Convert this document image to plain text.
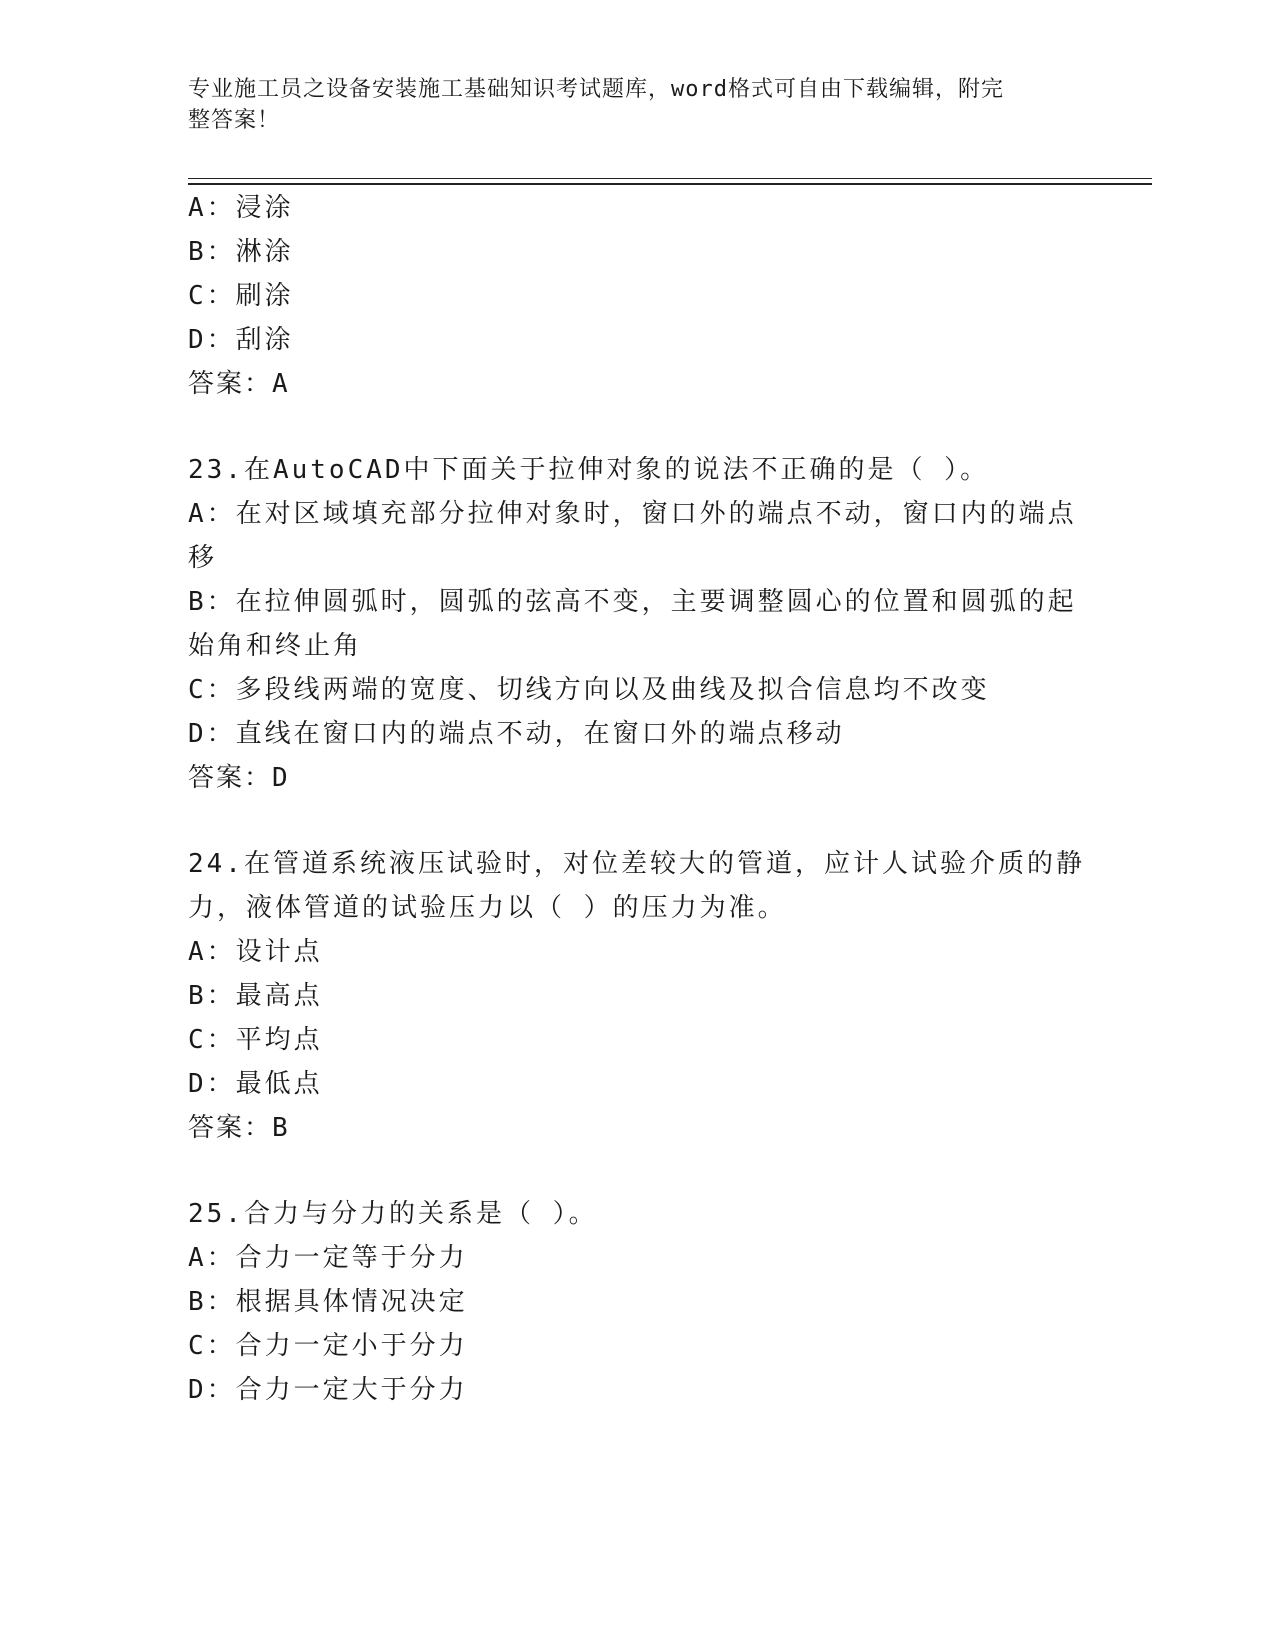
专业施工员之设备安装施工基础知识考试题库，word格式可自由下载编辑，附完
整答案！
A：浸涂
B：淋涂
C：刷涂
D：刮涂
答案：A
23.在AutoCAD中下面关于拉伸对象的说法不正确的是（ ）。
A：在对区域填充部分拉伸对象时，窗口外的端点不动，窗口内的端点
移
B：在拉伸圆弧时，圆弧的弦高不变，主要调整圆心的位置和圆弧的起
始角和终止角
C：多段线两端的宽度、切线方向以及曲线及拟合信息均不改变
D：直线在窗口内的端点不动，在窗口外的端点移动
答案：D
24.在管道系统液压试验时，对位差较大的管道，应计人试验介质的静
力，液体管道的试验压力以（ ）的压力为准。
A：设计点
B：最高点
C：平均点
D：最低点
答案：B
25.合力与分力的关系是（ ）。
A：合力一定等于分力
B：根据具体情况决定
C：合力一定小于分力
D：合力一定大于分力
